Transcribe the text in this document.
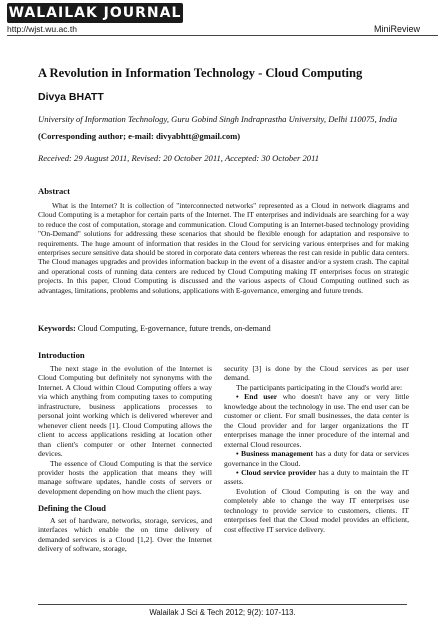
WALAILAK JOURNAL
http://wjst.wu.ac.th	MiniReview
A Revolution in Information Technology - Cloud Computing
Divya BHATT
University of Information Technology, Guru Gobind Singh Indraprastha University, Delhi 110075, India
(Corresponding author; e-mail: divyabhtt@gmail.com)
Received: 29 August 2011, Revised: 20 October 2011, Accepted: 30 October 2011
Abstract

What is the Internet? It is collection of "interconnected networks" represented as a Cloud in network diagrams and Cloud Computing is a metaphor for certain parts of the Internet. The IT enterprises and individuals are searching for a way to reduce the cost of computation, storage and communication. Cloud Computing is an Internet-based technology providing "On-Demand" solutions for addressing these scenarios that should be flexible enough for adaptation and responsive to requirements. The huge amount of information that resides in the Cloud for servicing various enterprises and for making enterprises secure sensitive data should be stored in corporate data centers whereas the rest can reside in public data centers. The Cloud manages upgrades and provides information backup in the event of a disaster and/or a system crash. The capital and operational costs of running data centers are reduced by Cloud Computing making IT enterprises focus on strategic projects. In this paper, Cloud Computing is discussed and the various aspects of Cloud Computing outlined such as advantages, limitations, problems and solutions, applications with E-governance, emerging and future trends.

Keywords: Cloud Computing, E-governance, future trends, on-demand
Introduction

The next stage in the evolution of the Internet is Cloud Computing but definitely not synonyms with the Internet. A Cloud within Cloud Computing offers a way via which anything from computing taxes to computing infrastructure, business applications processes to personal joint working which is delivered wherever and whenever client needs [1]. Cloud Computing allows the client to access applications residing at location other than client's computer or other Internet connected devices.

The essence of Cloud Computing is that the service provider hosts the application that means they will manage software updates, handle costs of servers or development depending on how much the client pays.

Defining the Cloud

A set of hardware, networks, storage, services, and interfaces which enable the on time delivery of demanded services is a Cloud [1,2]. Over the Internet delivery of software, storage,

security [3] is done by the Cloud services as per user demand.

The participants participating in the Cloud's world are:

• End user who doesn't have any or very little knowledge about the technology in use. The end user can be customer or client. For small businesses, the data center is the Cloud provider and for larger organizations the IT enterprises manage the inner procedure of the internal and external Cloud resources.

• Business management has a duty for data or services governance in the Cloud.

• Cloud service provider has a duty to maintain the IT assets.

Evolution of Cloud Computing is on the way and completely able to change the way IT enterprises use technology to provide service to customers, clients. IT enterprises feel that the Cloud model provides an efficient, cost effective IT service delivery.

Walailak J Sci & Tech 2012; 9(2): 107-113.
